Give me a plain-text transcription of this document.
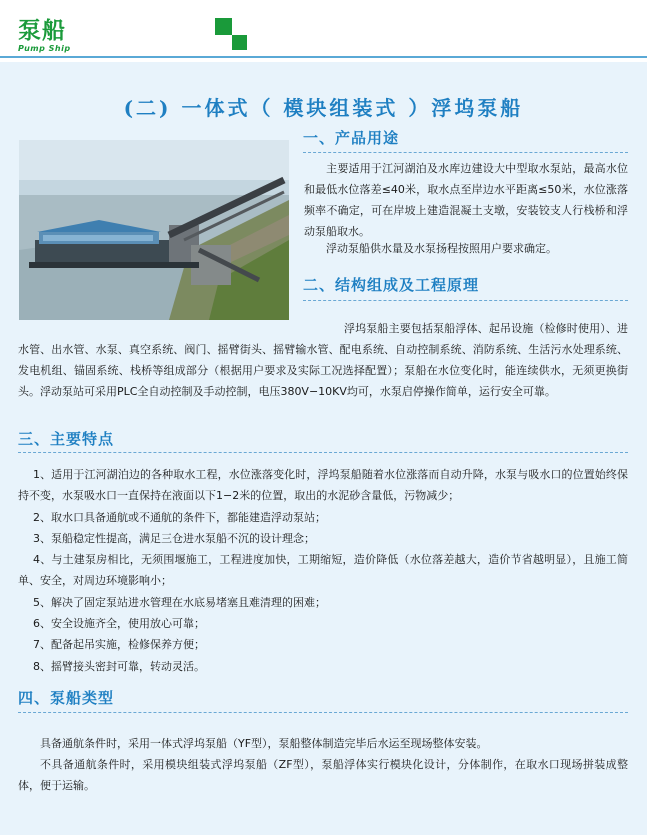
泵船
Pump Ship
(二) 一体式（ 模块组装式 ）浮坞泵船
一、产品用途
主要适用于江河湖泊及水库边建设大中型取水泵站，最高水位和最低水位落差≤40米，取水点至岸边水平距离≤50米，水位涨落频率不确定，可在岸坡上建造混凝土支墩，安装铰支人行栈桥和浮动泵船取水。
浮动泵船供水量及水泵扬程按照用户要求确定。
二、结构组成及工程原理
浮坞泵船主要包括泵船浮体、起吊设施（检修时使用）、进水管、出水管、水泵、真空系统、阀门、摇臂街头、摇臂输水管、配电系统、自动控制系统、消防系统、生活污水处理系统、发电机组、锚固系统、栈桥等组成部分（根据用户要求及实际工况选择配置）；泵船在水位变化时，能连续供水，无须更换街头。浮动泵站可采用PLC全自动控制及手动控制，电压380V−10KV均可，水泵启停操作简单，运行安全可靠。
三、主要特点
1、适用于江河湖泊边的各种取水工程，水位涨落变化时，浮坞泵船随着水位涨落而自动升降，水泵与吸水口的位置始终保持不变，水泵吸水口一直保持在液面以下1−2米的位置，取出的水泥砂含量低，污物减少；
2、取水口具备通航或不通航的条件下，都能建造浮动泵站；
3、泵船稳定性提高，满足三仓进水泵船不沉的设计理念；
4、与土建泵房相比，无须围堰施工，工程进度加快，工期缩短，造价降低（水位落差越大，造价节省越明显），且施工简单、安全，对周边环境影响小；
5、解决了固定泵站进水管理在水底易堵塞且难清理的困难；
6、安全设施齐全，使用放心可靠；
7、配备起吊实施，检修保养方便；
8、摇臂接头密封可靠，转动灵活。
四、泵船类型
具备通航条件时，采用一体式浮坞泵船（YF型），泵船整体制造完毕后水运至现场整体安装。
不具备通航条件时，采用模块组装式浮坞泵船（ZF型），泵船浮体实行模块化设计，分体制作，在取水口现场拼装成整体，便于运输。
